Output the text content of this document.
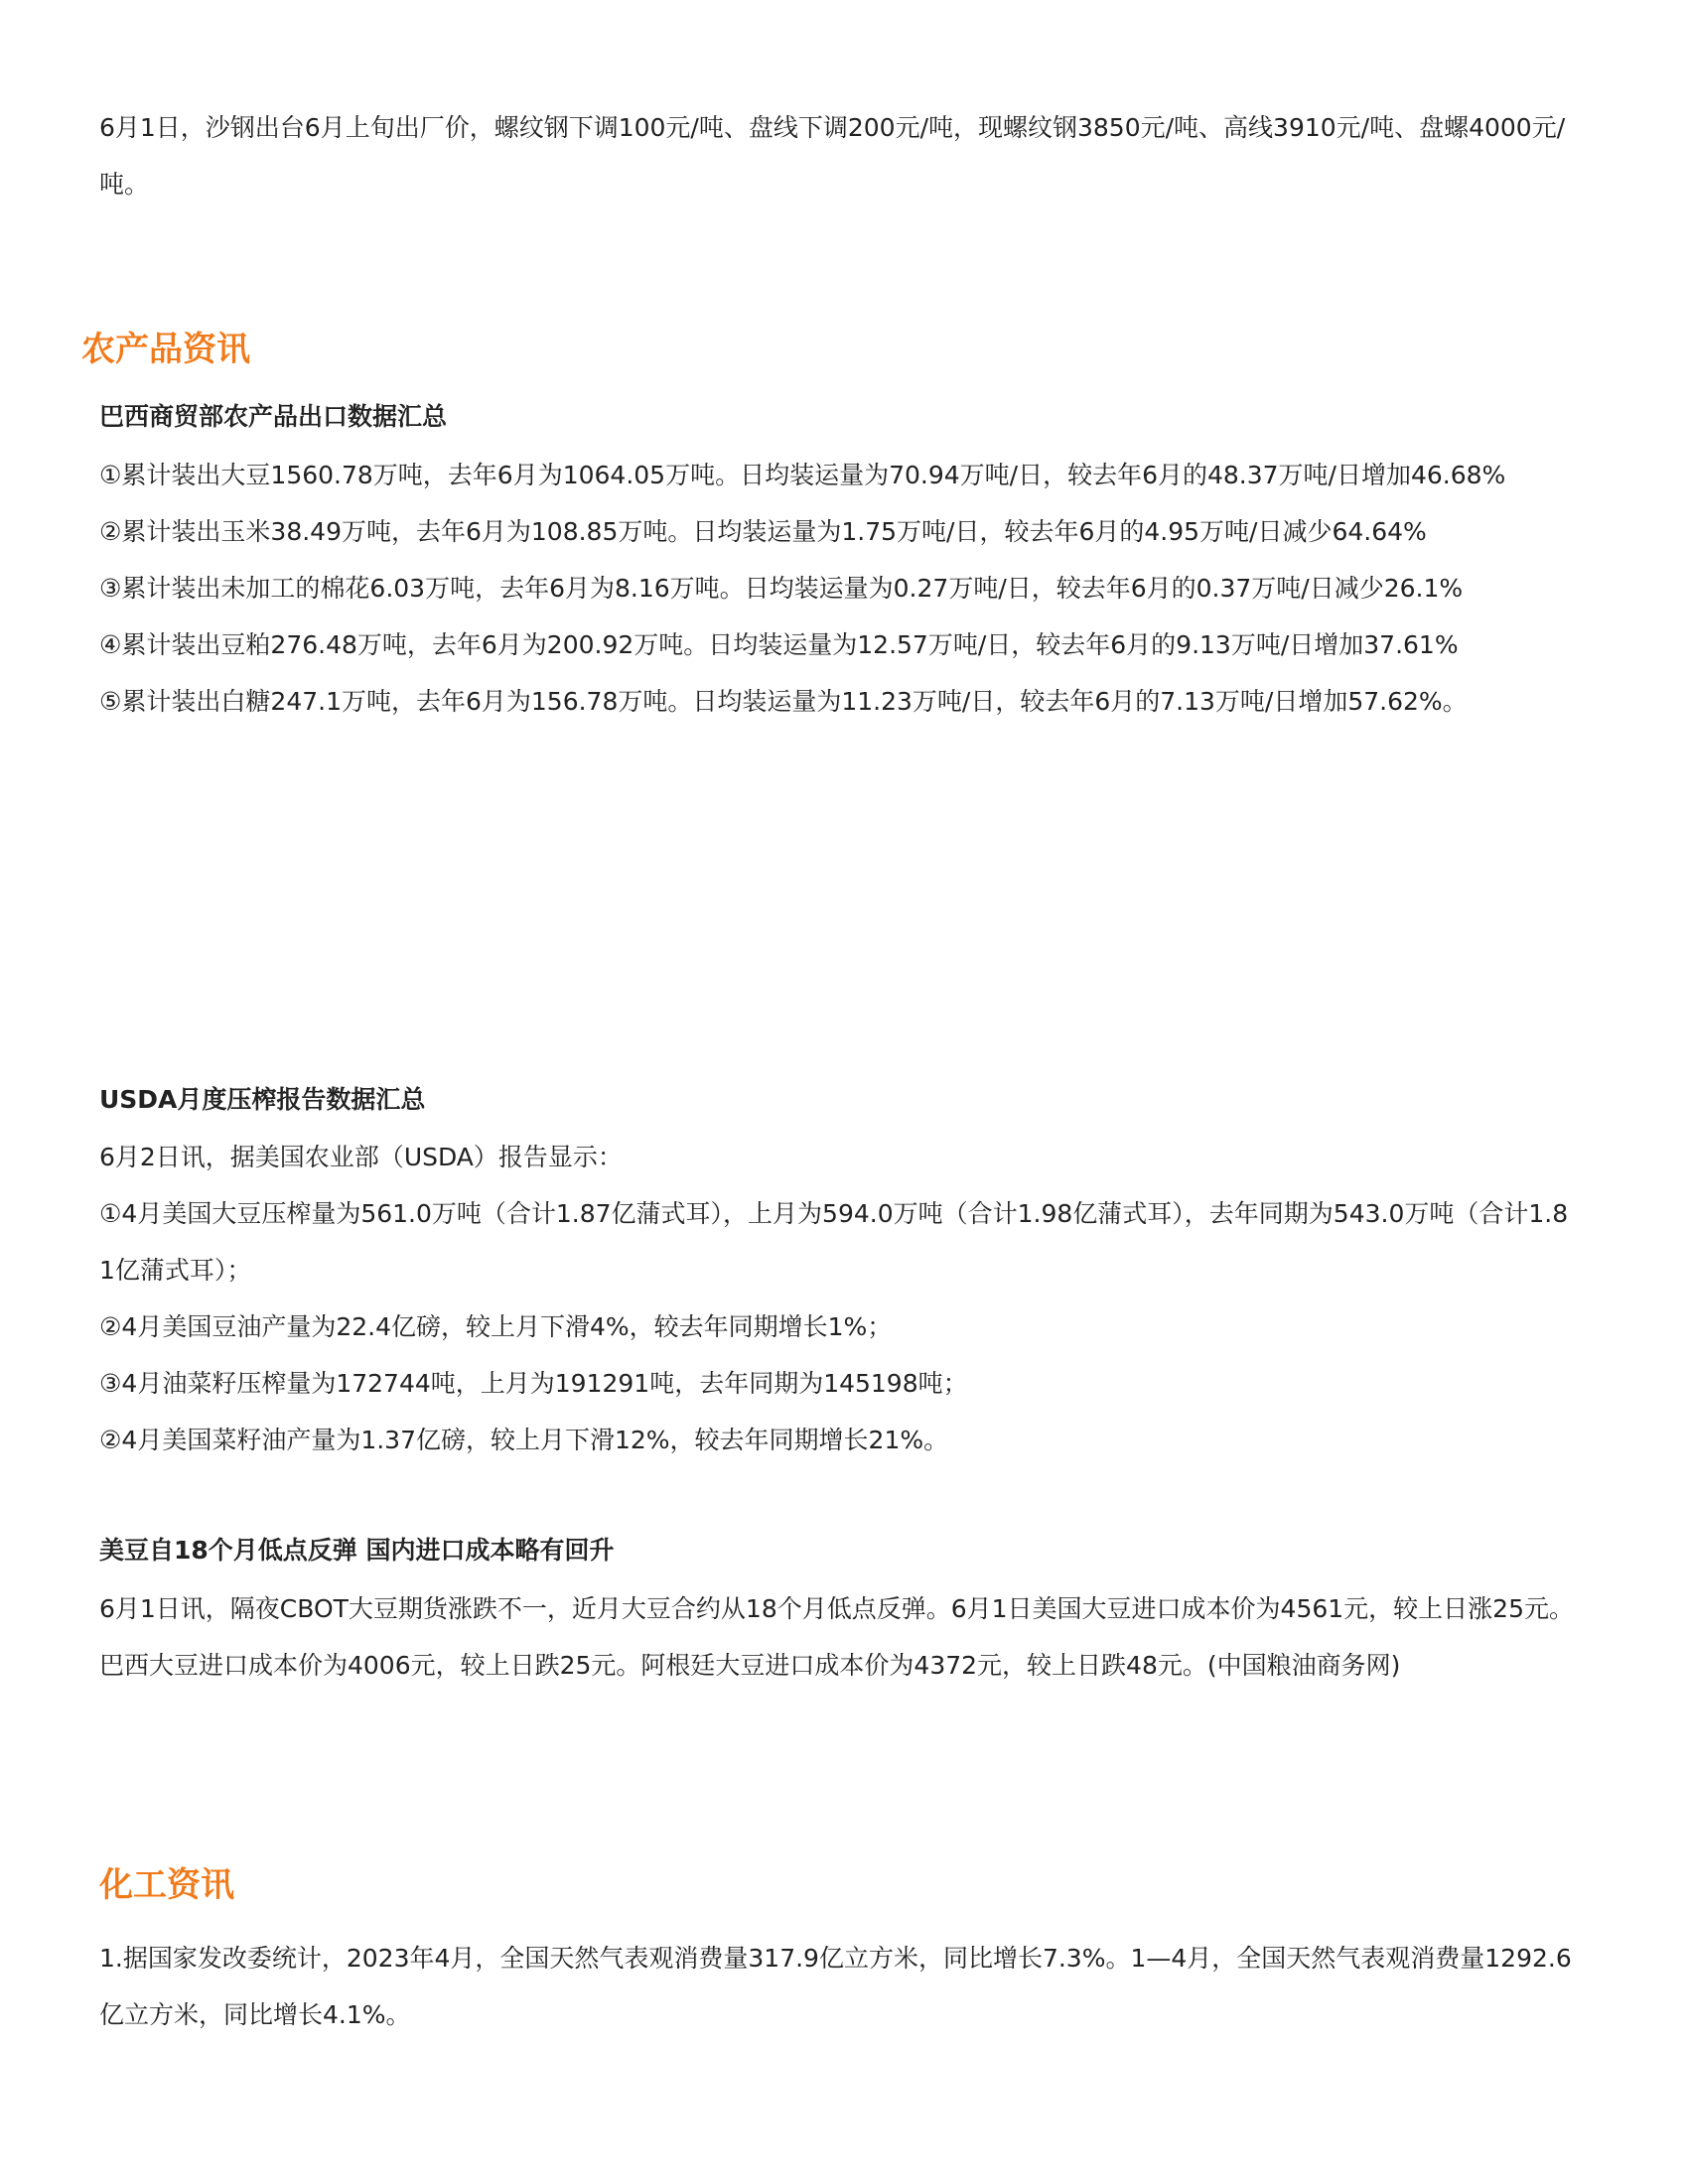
6月1日，沙钢出台6月上旬出厂价，螺纹钢下调100元/吨、盘线下调200元/吨，现螺纹钢3850元/吨、高线3910元/吨、盘螺4000元/吨。

农产品资讯
巴西商贸部农产品出口数据汇总
①累计装出大豆1560.78万吨，去年6月为1064.05万吨。日均装运量为70.94万吨/日，较去年6月的48.37万吨/日增加46.68%
②累计装出玉米38.49万吨，去年6月为108.85万吨。日均装运量为1.75万吨/日，较去年6月的4.95万吨/日减少64.64%
③累计装出未加工的棉花6.03万吨，去年6月为8.16万吨。日均装运量为0.27万吨/日，较去年6月的0.37万吨/日减少26.1%
④累计装出豆粕276.48万吨，去年6月为200.92万吨。日均装运量为12.57万吨/日，较去年6月的9.13万吨/日增加37.61%
⑤累计装出白糖247.1万吨，去年6月为156.78万吨。日均装运量为11.23万吨/日，较去年6月的7.13万吨/日增加57.62%。
USDA月度压榨报告数据汇总
6月2日讯，据美国农业部（USDA）报告显示：
①4月美国大豆压榨量为561.0万吨（合计1.87亿蒲式耳），上月为594.0万吨（合计1.98亿蒲式耳），去年同期为543.0万吨（合计1.81亿蒲式耳）；
②4月美国豆油产量为22.4亿磅，较上月下滑4%，较去年同期增长1%；
③4月油菜籽压榨量为172744吨，上月为191291吨，去年同期为145198吨；
②4月美国菜籽油产量为1.37亿磅，较上月下滑12%，较去年同期增长21%。
美豆自18个月低点反弹 国内进口成本略有回升

6月1日讯，隔夜CBOT大豆期货涨跌不一，近月大豆合约从18个月低点反弹。6月1日美国大豆进口成本价为4561元，较上日涨25元。巴西大豆进口成本价为4006元，较上日跌25元。阿根廷大豆进口成本价为4372元，较上日跌48元。(中国粮油商务网)

化工资讯

1.据国家发改委统计，2023年4月，全国天然气表观消费量317.9亿立方米，同比增长7.3%。1—4月，全国天然气表观消费量1292.6亿立方米，同比增长4.1%。
